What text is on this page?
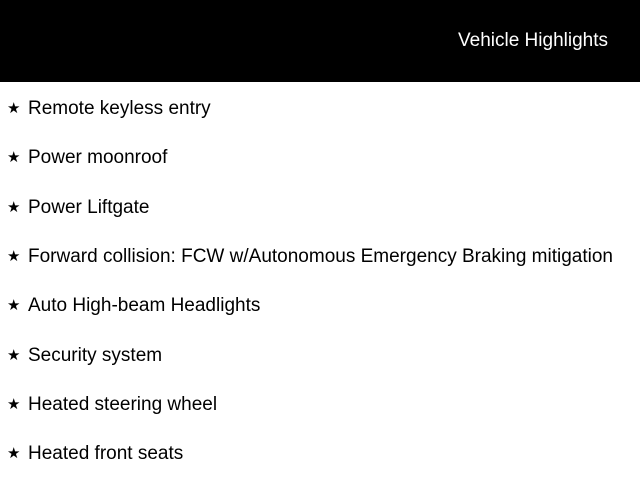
Vehicle Highlights
★ Remote keyless entry
★ Power moonroof
★ Power Liftgate
★ Forward collision: FCW w/Autonomous Emergency Braking mitigation
★ Auto High-beam Headlights
★ Security system
★ Heated steering wheel
★ Heated front seats
